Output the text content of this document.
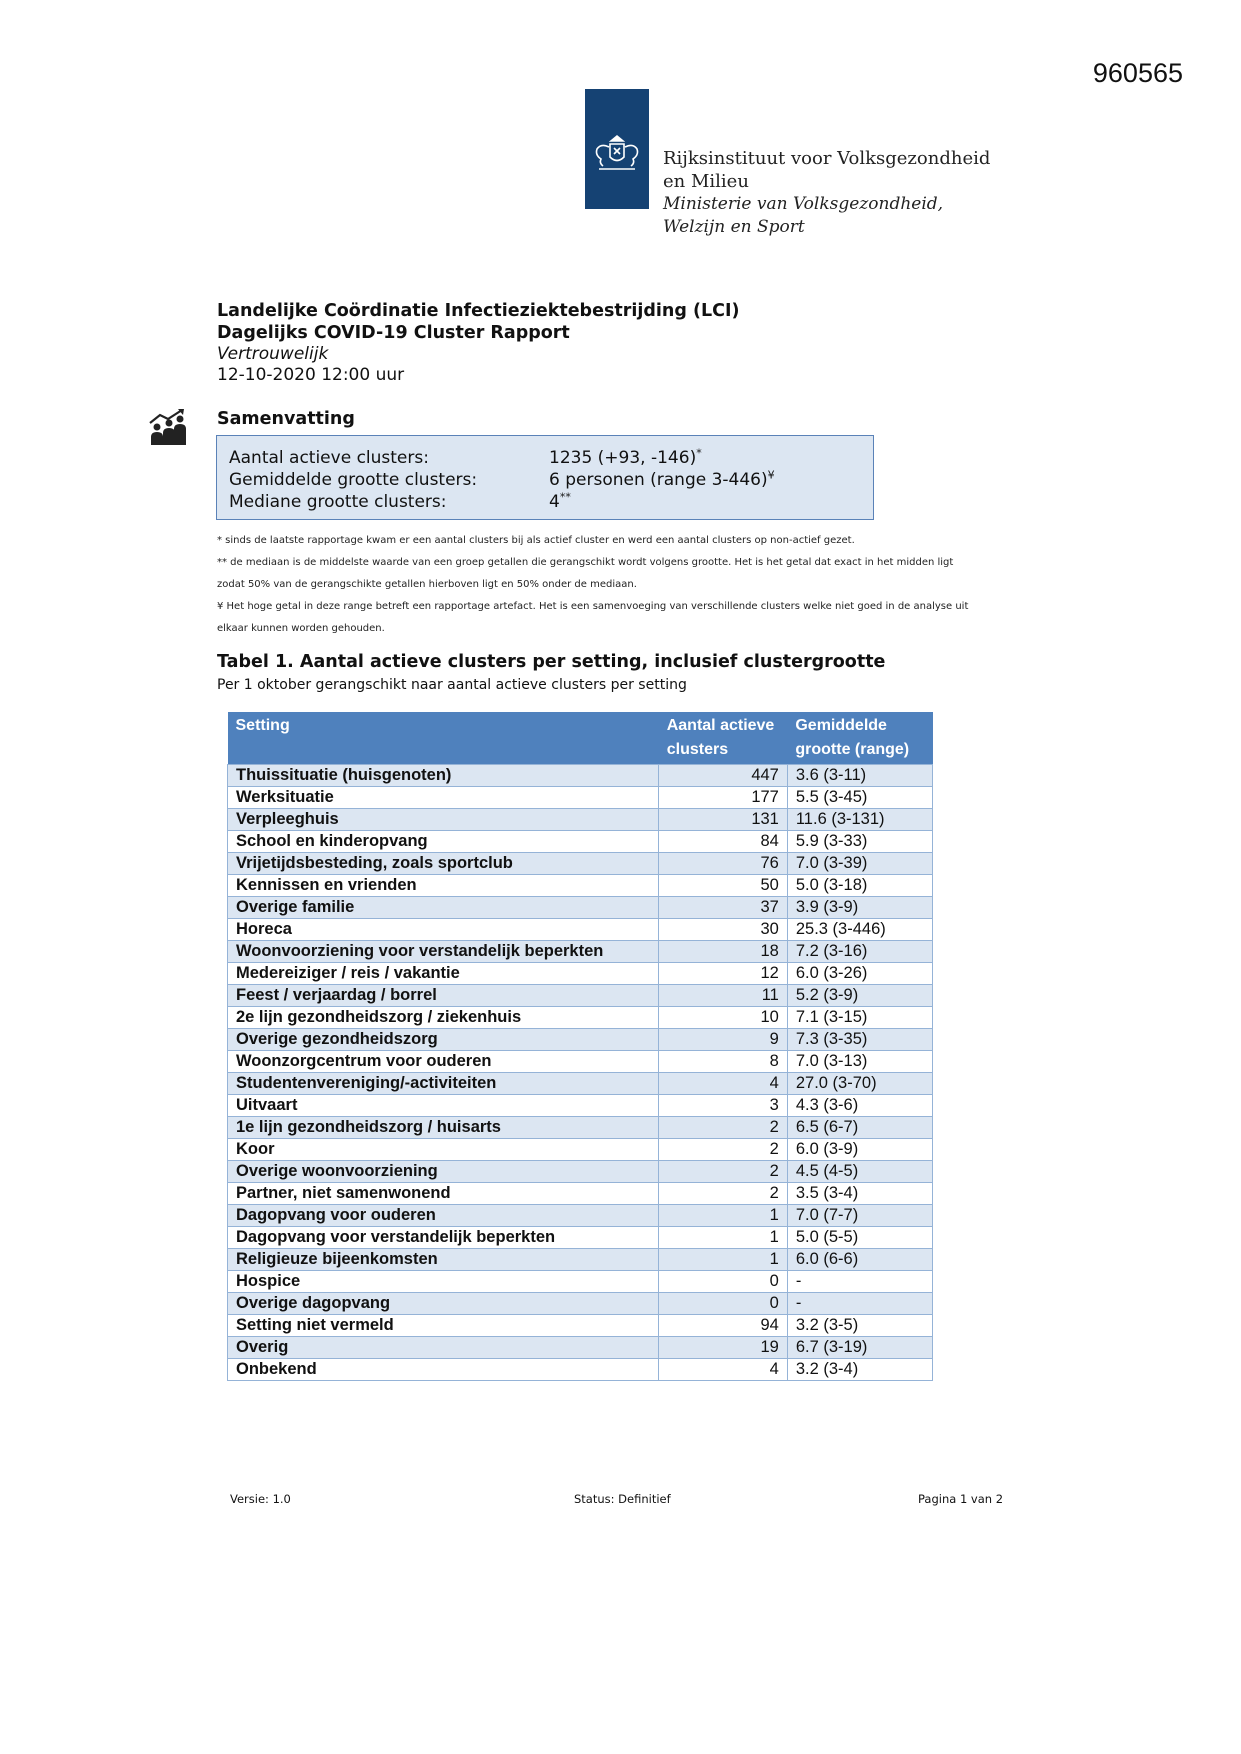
960565
Rijksinstituut voor Volksgezondheid
en Milieu
Ministerie van Volksgezondheid,
Welzijn en Sport
Landelijke Coördinatie Infectieziektebestrijding (LCI)
Dagelijks COVID-19 Cluster Rapport
Vertrouwelijk
12-10-2020 12:00 uur
Samenvatting
Aantal actieve clusters:	1235 (+93, -146)*
Gemiddelde grootte clusters:	6 personen (range 3-446)¥
Mediane grootte clusters:	4**
* sinds de laatste rapportage kwam er een aantal clusters bij als actief cluster en werd een aantal clusters op non-actief gezet.
** de mediaan is de middelste waarde van een groep getallen die gerangschikt wordt volgens grootte. Het is het getal dat exact in het midden ligt
zodat 50% van de gerangschikte getallen hierboven ligt en 50% onder de mediaan.
¥ Het hoge getal in deze range betreft een rapportage artefact. Het is een samenvoeging van verschillende clusters welke niet goed in de analyse uit
elkaar kunnen worden gehouden.
Tabel 1. Aantal actieve clusters per setting, inclusief clustergrootte
Per 1 oktober gerangschikt naar aantal actieve clusters per setting
Setting	Aantal actieve clusters	Gemiddelde grootte (range)
Thuissituatie (huisgenoten)	447	3.6 (3-11)
Werksituatie	177	5.5 (3-45)
Verpleeghuis	131	11.6 (3-131)
School en kinderopvang	84	5.9 (3-33)
Vrijetijdsbesteding, zoals sportclub	76	7.0 (3-39)
Kennissen en vrienden	50	5.0 (3-18)
Overige familie	37	3.9 (3-9)
Horeca	30	25.3 (3-446)
Woonvoorziening voor verstandelijk beperkten	18	7.2 (3-16)
Medereiziger / reis / vakantie	12	6.0 (3-26)
Feest / verjaardag / borrel	11	5.2 (3-9)
2e lijn gezondheidszorg / ziekenhuis	10	7.1 (3-15)
Overige gezondheidszorg	9	7.3 (3-35)
Woonzorgcentrum voor ouderen	8	7.0 (3-13)
Studentenvereniging/-activiteiten	4	27.0 (3-70)
Uitvaart	3	4.3 (3-6)
1e lijn gezondheidszorg / huisarts	2	6.5 (6-7)
Koor	2	6.0 (3-9)
Overige woonvoorziening	2	4.5 (4-5)
Partner, niet samenwonend	2	3.5 (3-4)
Dagopvang voor ouderen	1	7.0 (7-7)
Dagopvang voor verstandelijk beperkten	1	5.0 (5-5)
Religieuze bijeenkomsten	1	6.0 (6-6)
Hospice	0	-
Overige dagopvang	0	-
Setting niet vermeld	94	3.2 (3-5)
Overig	19	6.7 (3-19)
Onbekend	4	3.2 (3-4)
Versie: 1.0	Status: Definitief	Pagina 1 van 2
